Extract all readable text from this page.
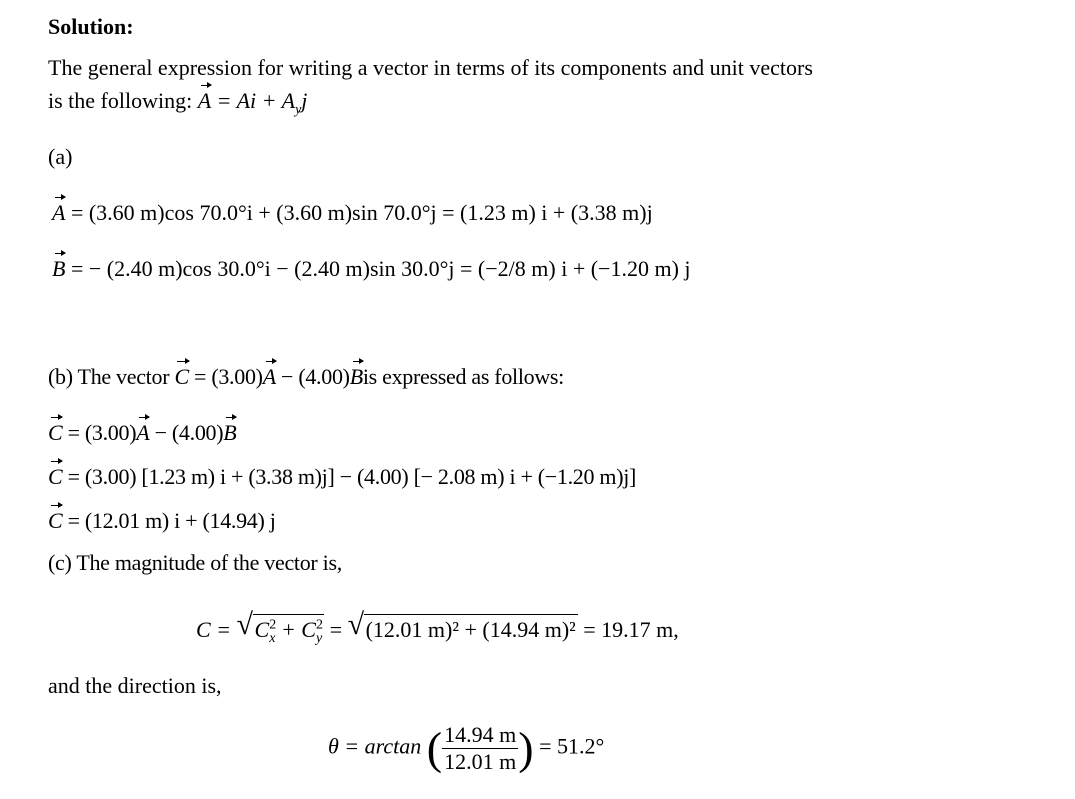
Solution:
The general expression for writing a vector in terms of its components and unit vectors
is the following: $A = Ai + A_yj$
(a)
A = (3.60 m)cos 70.0°i + (3.60 m)sin 70.0°j = (1.23 m) i + (3.38 m)j
B = − (2.40 m)cos 30.0°i − (2.40 m)sin 30.0°j = (−2/8 m) i + (−1.20 m) j
(b) The vector C = (3.00)A − (4.00)Bis expressed as follows:
C = (3.00)A − (4.00)B
C = (3.00) [1.23 m) i + (3.38 m)j] − (4.00) [− 2.08 m) i + (−1.20 m)j]
C = (12.01 m) i + (14.94) j
(c) The magnitude of the vector is,
C = √ $C^2_x + C^2_y$ = √ (12.01 m)² + (14.94 m)² = 19.17 m,
and the direction is,
θ = arctan ( $\frac{14.94 m}{12.01 m}$ ) = 51.2°
